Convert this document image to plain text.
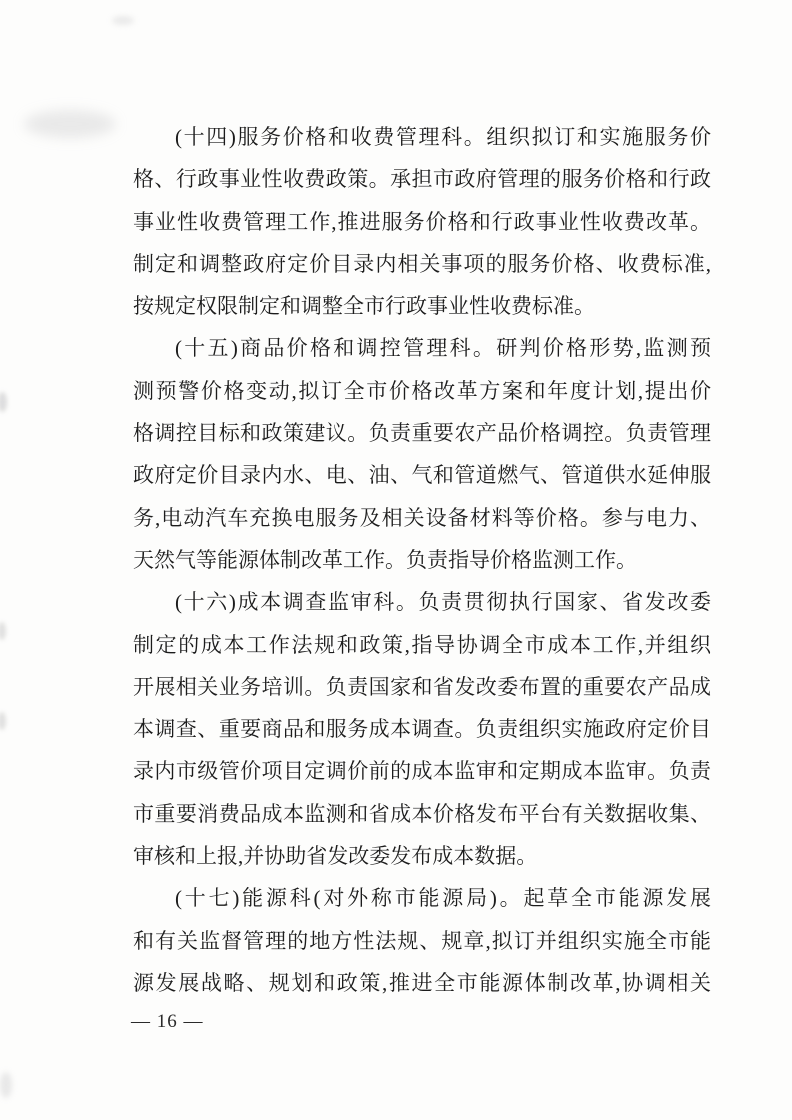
(十四)服务价格和收费管理科。组织拟订和实施服务价

格、行政事业性收费政策。承担市政府管理的服务价格和行政

事业性收费管理工作,推进服务价格和行政事业性收费改革。

制定和调整政府定价目录内相关事项的服务价格、收费标准,

按规定权限制定和调整全市行政事业性收费标准。

(十五)商品价格和调控管理科。研判价格形势,监测预

测预警价格变动,拟订全市价格改革方案和年度计划,提出价

格调控目标和政策建议。负责重要农产品价格调控。负责管理

政府定价目录内水、电、油、气和管道燃气、管道供水延伸服

务,电动汽车充换电服务及相关设备材料等价格。参与电力、

天然气等能源体制改革工作。负责指导价格监测工作。

(十六)成本调查监审科。负责贯彻执行国家、省发改委

制定的成本工作法规和政策,指导协调全市成本工作,并组织

开展相关业务培训。负责国家和省发改委布置的重要农产品成

本调查、重要商品和服务成本调查。负责组织实施政府定价目

录内市级管价项目定调价前的成本监审和定期成本监审。负责

市重要消费品成本监测和省成本价格发布平台有关数据收集、

审核和上报,并协助省发改委发布成本数据。

(十七)能源科(对外称市能源局)。起草全市能源发展

和有关监督管理的地方性法规、规章,拟订并组织实施全市能

源发展战略、规划和政策,推进全市能源体制改革,协调相关

— 16 —
